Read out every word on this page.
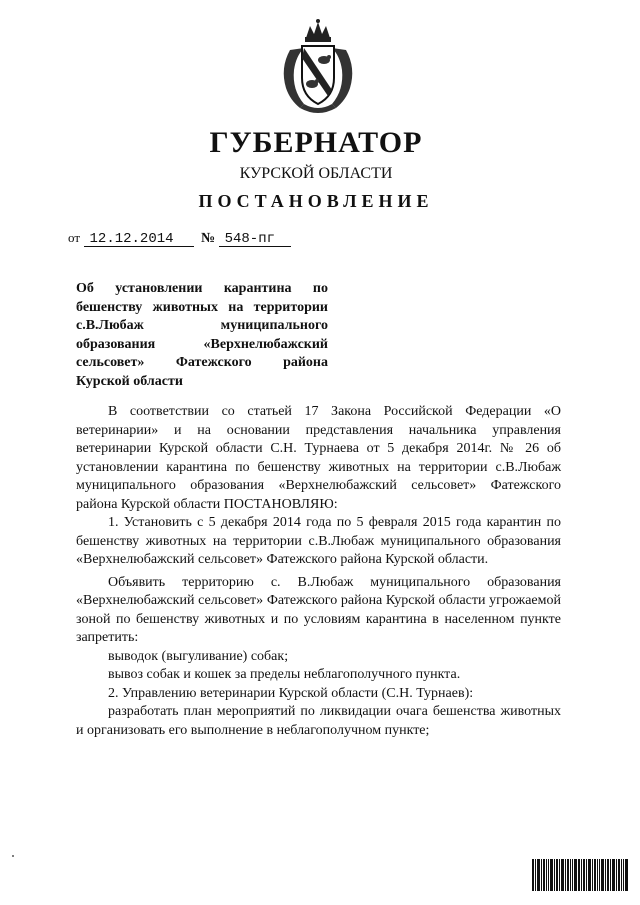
ГУБЕРНАТОР
КУРСКОЙ ОБЛАСТИ
ПОСТАНОВЛЕНИЕ
от 12.12.2014 № 548-пг
Об установлении карантина по
бешенству животных на территории
с.В.Любаж муниципального
образования «Верхнелюбажский
сельсовет» Фатежского района
Курской области

В соответствии со статьей 17 Закона Российской Федерации «О ветеринарии» и на основании представления начальника управления ветеринарии Курской области С.Н. Турнаева от 5 декабря 2014г. № 26 об установлении карантина по бешенству животных на территории с.В.Любаж муниципального образования «Верхнелюбажский сельсовет» Фатежского района Курской области ПОСТАНОВЛЯЮ:

1. Установить с 5 декабря 2014 года по 5 февраля 2015 года карантин по бешенству животных на территории с.В.Любаж муниципального образования «Верхнелюбажский сельсовет» Фатежского района Курской области.

Объявить территорию с. В.Любаж муниципального образования «Верхнелюбажский сельсовет» Фатежского района Курской области угрожаемой зоной по бешенству животных и по условиям карантина в населенном пункте запретить:

выводок (выгуливание) собак;

вывоз собак и кошек за пределы неблагополучного пункта.

2. Управлению ветеринарии Курской области (С.Н. Турнаев):

разработать план мероприятий по ликвидации очага бешенства животных и организовать его выполнение в неблагополучном пункте;
